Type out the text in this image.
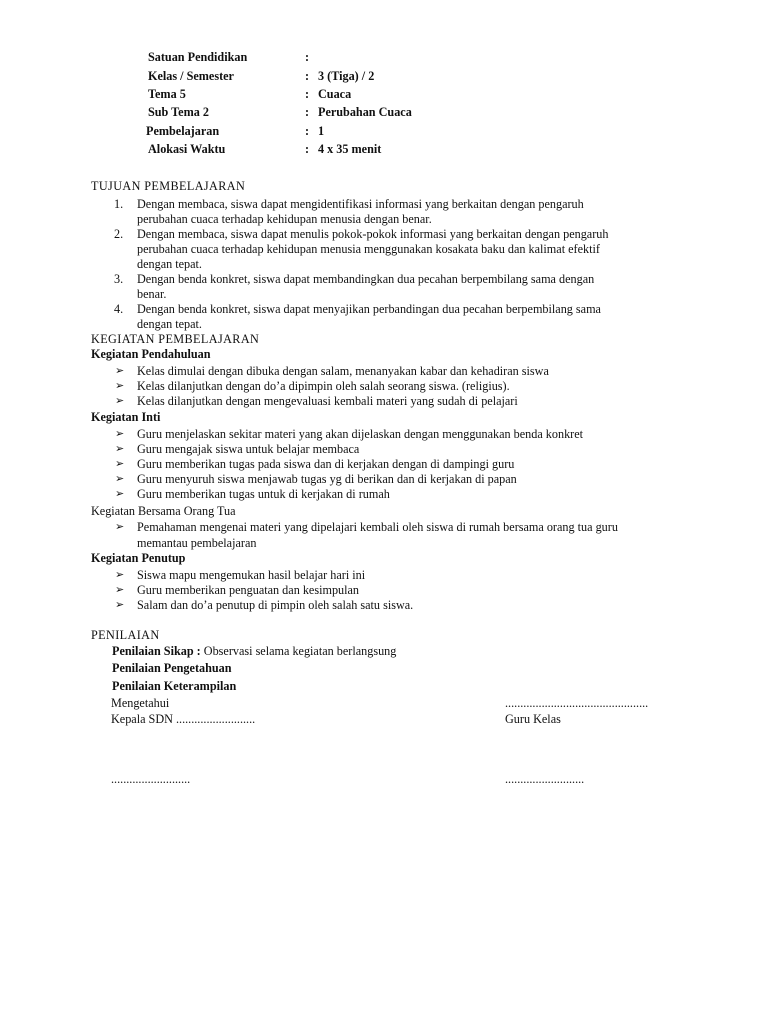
Satuan Pendidikan	:
Kelas / Semester	: 3 (Tiga) / 2
Tema 5	: Cuaca
Sub Tema 2	: Perubahan Cuaca
Pembelajaran	: 1
Alokasi Waktu	: 4 x 35 menit
TUJUAN PEMBELAJARAN
1. Dengan membaca, siswa dapat mengidentifikasi informasi yang berkaitan dengan pengaruh
perubahan cuaca terhadap kehidupan menusia dengan benar.
2. Dengan membaca, siswa dapat menulis pokok-pokok informasi yang berkaitan dengan pengaruh
perubahan cuaca terhadap kehidupan menusia menggunakan kosakata baku dan kalimat efektif
dengan tepat.
3. Dengan benda konkret, siswa dapat membandingkan dua pecahan berpembilang sama dengan
benar.
4. Dengan benda konkret, siswa dapat menyajikan perbandingan dua pecahan berpembilang sama
dengan tepat.
KEGIATAN PEMBELAJARAN
Kegiatan Pendahuluan
➢ Kelas dimulai dengan dibuka dengan salam, menanyakan kabar dan kehadiran siswa
➢ Kelas dilanjutkan dengan do’a dipimpin oleh salah seorang siswa. (religius).
➢ Kelas dilanjutkan dengan mengevaluasi kembali materi yang sudah di pelajari
Kegiatan Inti
➢ Guru menjelaskan sekitar materi yang akan dijelaskan dengan menggunakan benda konkret
➢ Guru mengajak siswa untuk belajar membaca
➢ Guru memberikan tugas pada siswa dan di kerjakan dengan di dampingi guru
➢ Guru menyuruh siswa menjawab tugas yg di berikan dan di kerjakan di papan
➢ Guru memberikan tugas untuk di kerjakan di rumah
Kegiatan Bersama Orang Tua
➢ Pemahaman mengenai materi yang dipelajari kembali oleh siswa di rumah bersama orang tua guru
memantau pembelajaran
Kegiatan Penutup
➢ Siswa mapu mengemukan hasil belajar hari ini
➢ Guru memberikan penguatan dan kesimpulan
➢ Salam dan do’a penutup di pimpin oleh salah satu siswa.
PENILAIAN
Penilaian Sikap : Observasi selama kegiatan berlangsung
Penilaian Pengetahuan
Penilaian Keterampilan
Mengetahui	...............................................
Kepala SDN ..........................	Guru Kelas
..........................	..........................
